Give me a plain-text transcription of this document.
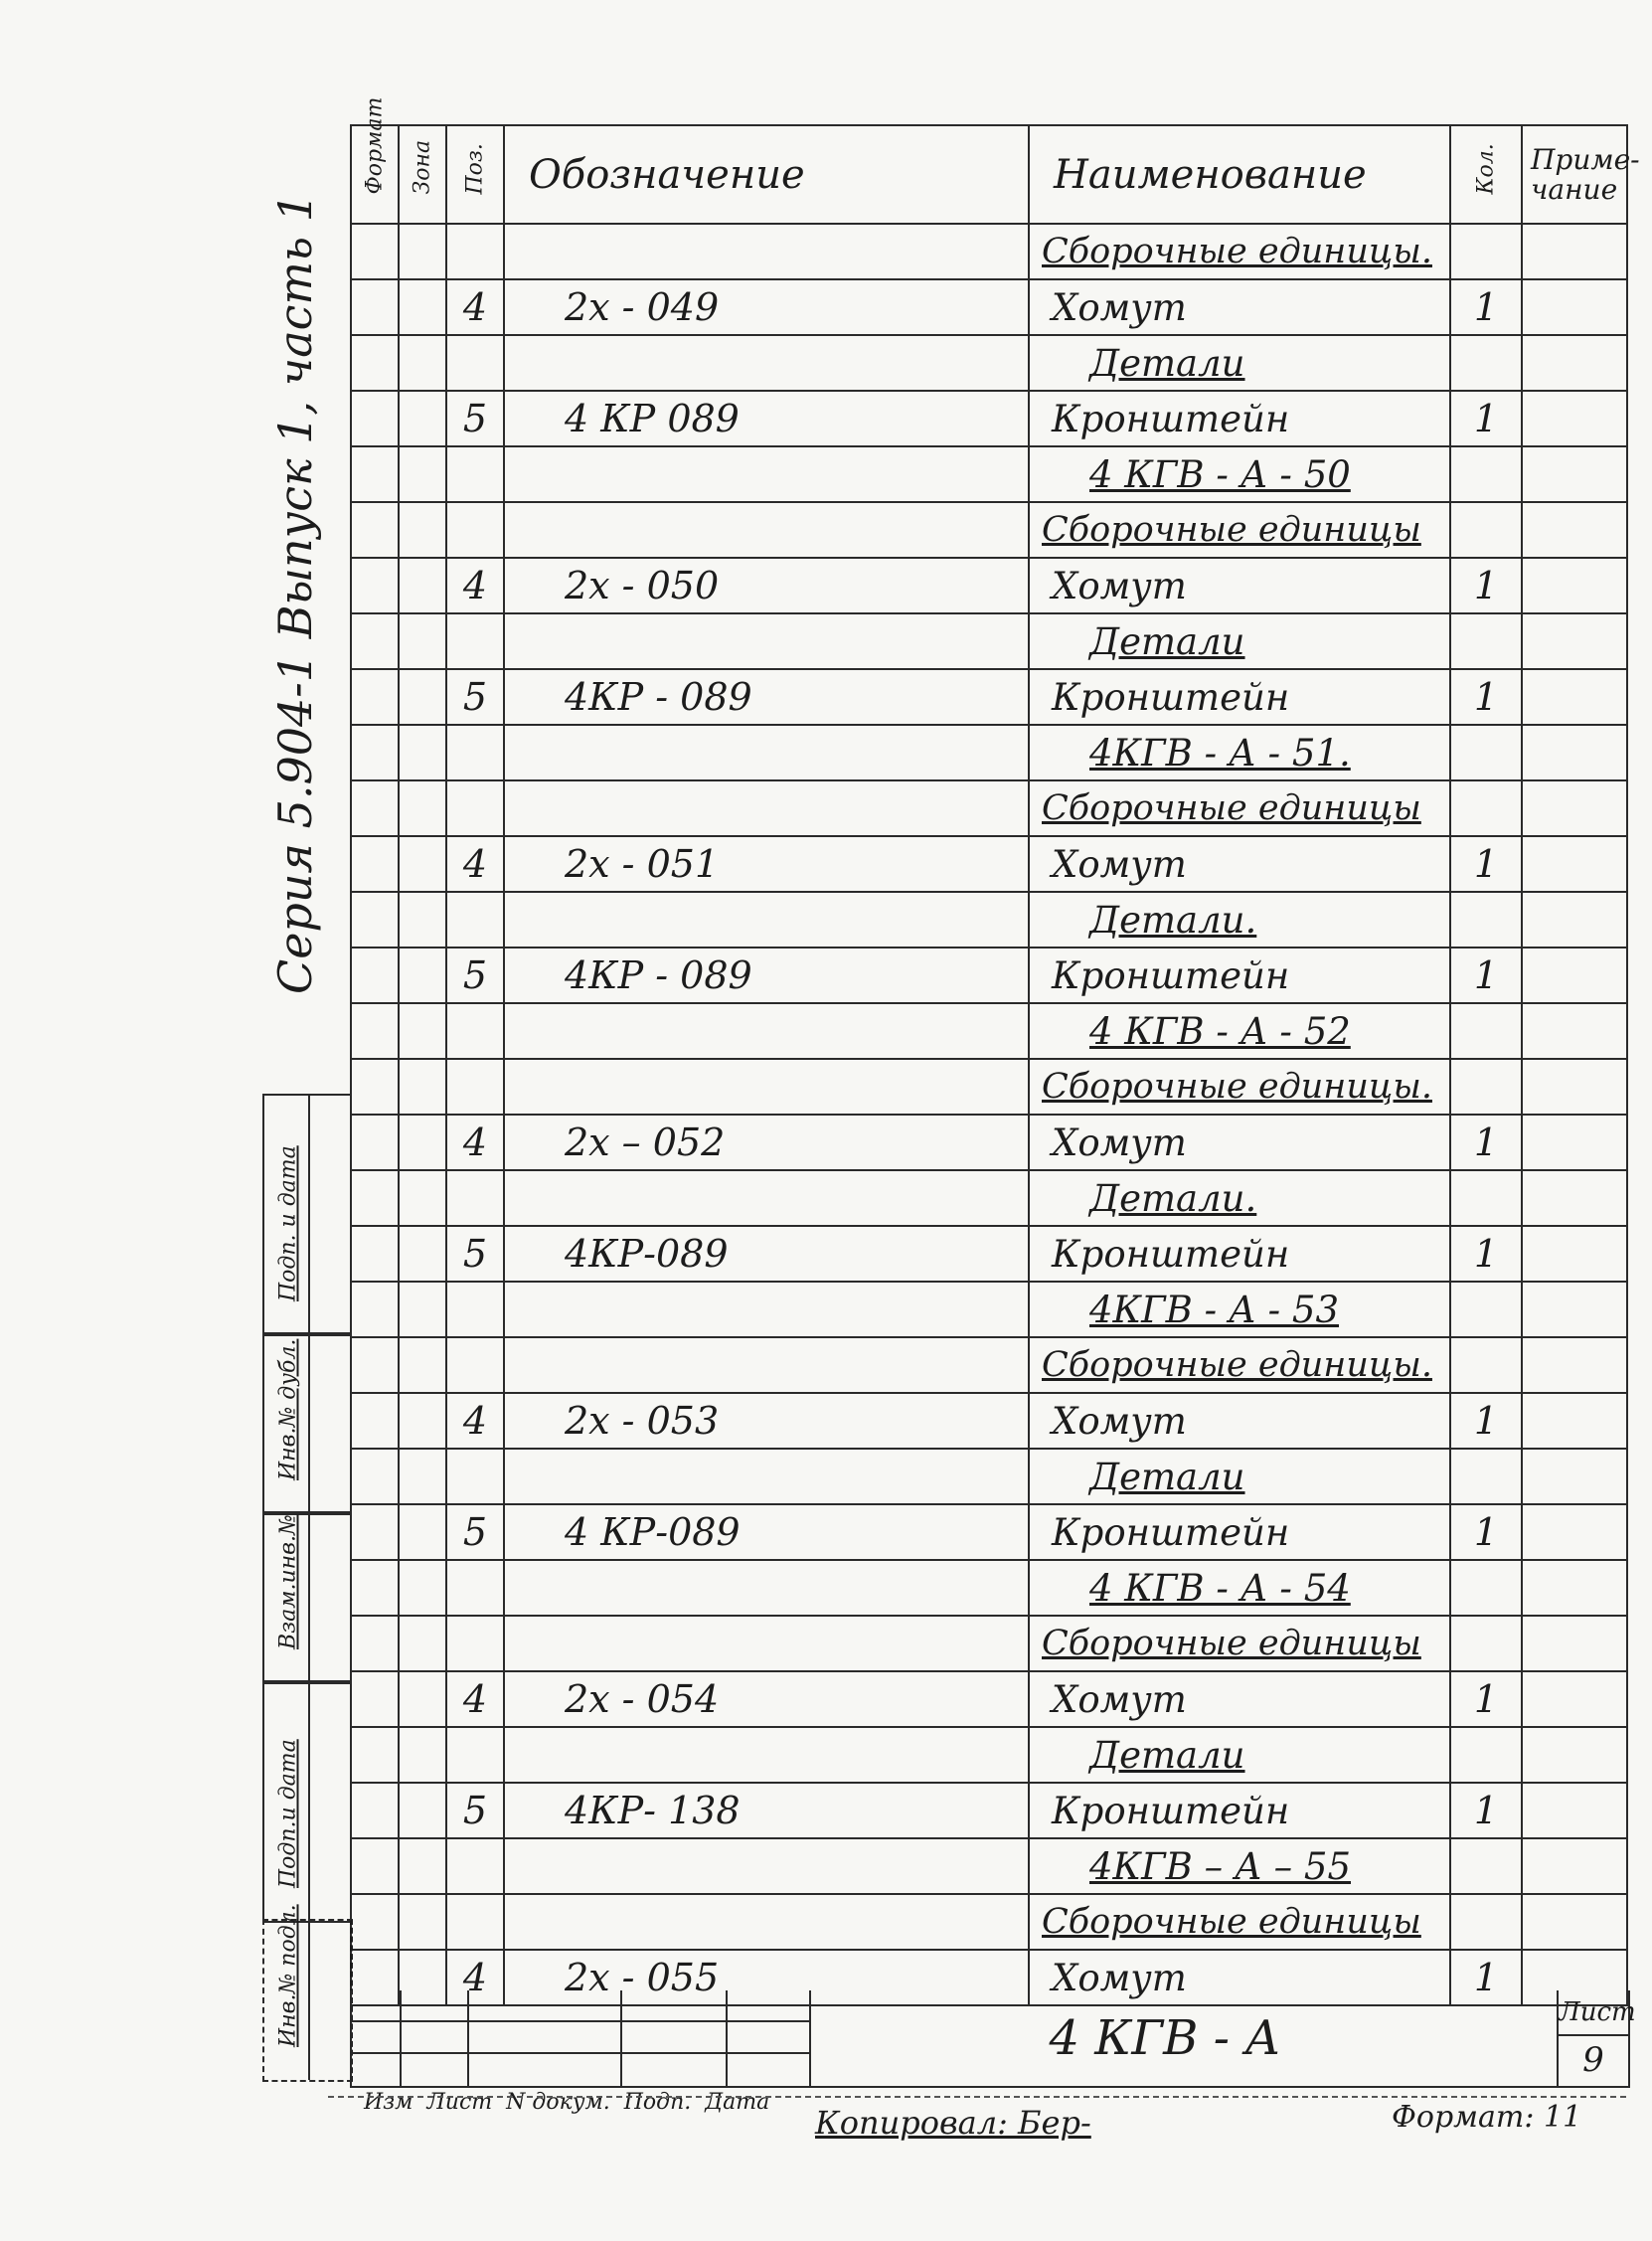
Серия 5.904-1 Выпуск 1, часть 1
Формат	Зона	Поз.	Обозначение	Наименование	Кол.	Приме-
чание
				Сборочные единицы.		
		4	2х - 049	Хомут	1	
				Детали		
		5	4 КР 089	Кронштейн	1	
				4 КГВ - А - 50		
				Сборочные единицы		
		4	2х - 050	Хомут	1	
				Детали		
		5	4КР - 089	Кронштейн	1	
				4КГВ - А - 51.		
				Сборочные единицы		
		4	2х - 051	Хомут	1	
				Детали.		
		5	4КР - 089	Кронштейн	1	
				4 КГВ - А - 52		
				Сборочные единицы.		
		4	2х – 052	Хомут	1	
				Детали.		
		5	4КР-089	Кронштейн	1	
				4КГВ - А - 53		
				Сборочные единицы.		
		4	2х - 053	Хомут	1	
				Детали		
		5	4 КР-089	Кронштейн	1	
				4 КГВ - А - 54		
				Сборочные единицы		
		4	2х - 054	Хомут	1	
				Детали		
		5	4КР- 138	Кронштейн	1	
				4КГВ – А – 55		
				Сборочные единицы		
		4	2х - 055	Хомут	1	
Подп. и дата
Инв.№ дубл.
Взам.инв.№
Подп.и дата
Инв.№ подл.
Изм Лист N докум. Подп. Дата
4 КГВ - А	Лист
9
Копировал: Бер-	Формат: 11
